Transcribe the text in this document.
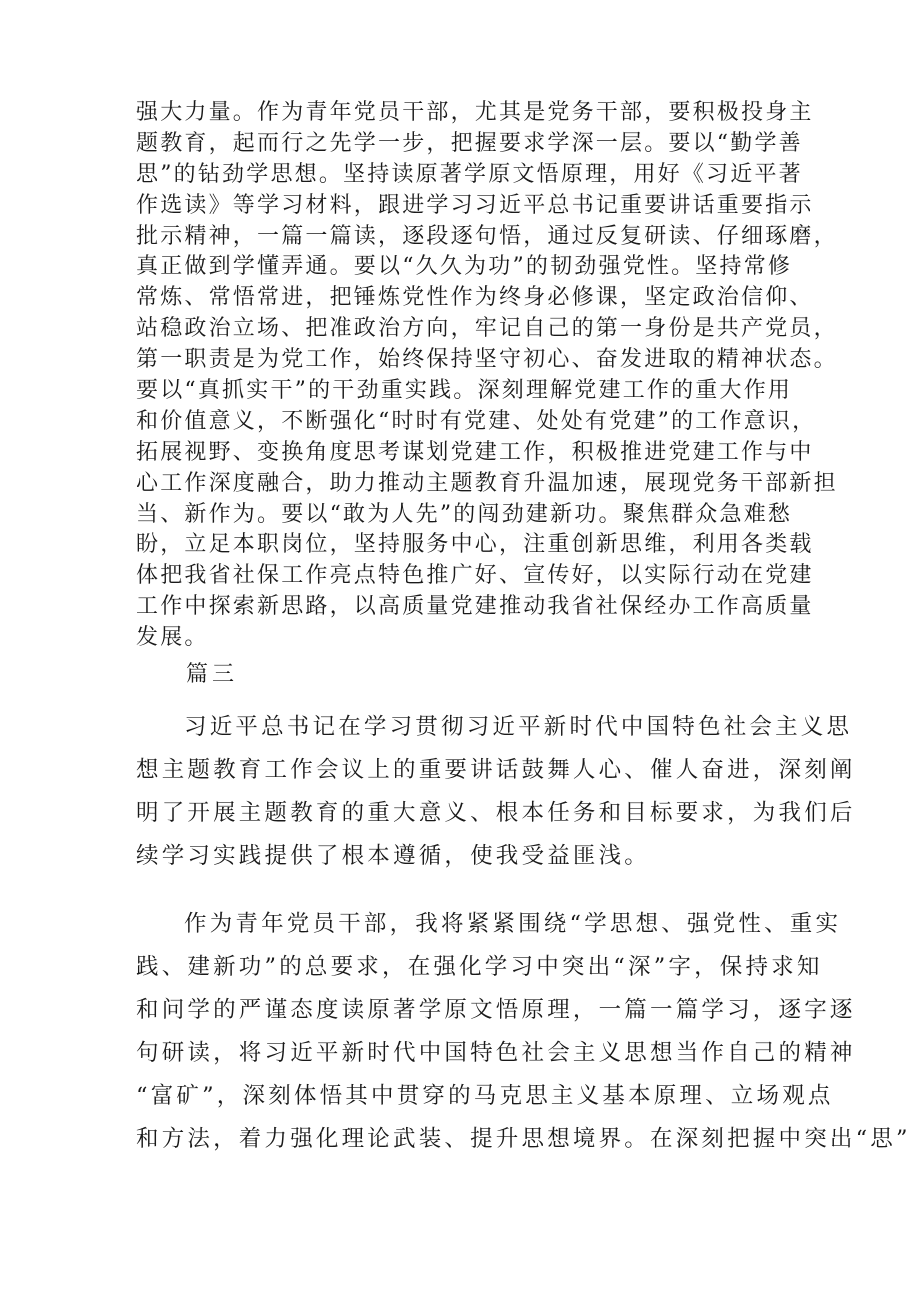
强大力量。作为青年党员干部，尤其是党务干部，要积极投身主
题教育，起而行之先学一步，把握要求学深一层。要以“勤学善
思”的钻劲学思想。坚持读原著学原文悟原理，用好《习近平著
作选读》等学习材料，跟进学习习近平总书记重要讲话重要指示
批示精神，一篇一篇读，逐段逐句悟，通过反复研读、仔细琢磨，
真正做到学懂弄通。要以“久久为功”的韧劲强党性。坚持常修
常炼、常悟常进，把锤炼党性作为终身必修课，坚定政治信仰、
站稳政治立场、把准政治方向，牢记自己的第一身份是共产党员，
第一职责是为党工作，始终保持坚守初心、奋发进取的精神状态。
要以“真抓实干”的干劲重实践。深刻理解党建工作的重大作用
和价值意义，不断强化“时时有党建、处处有党建”的工作意识，
拓展视野、变换角度思考谋划党建工作，积极推进党建工作与中
心工作深度融合，助力推动主题教育升温加速，展现党务干部新担
当、新作为。要以“敢为人先”的闯劲建新功。聚焦群众急难愁
盼，立足本职岗位，坚持服务中心，注重创新思维，利用各类载
体把我省社保工作亮点特色推广好、宣传好，以实际行动在党建
工作中探索新思路，以高质量党建推动我省社保经办工作高质量
发展。
篇三
习近平总书记在学习贯彻习近平新时代中国特色社会主义思
想主题教育工作会议上的重要讲话鼓舞人心、催人奋进，深刻阐
明了开展主题教育的重大意义、根本任务和目标要求，为我们后
续学习实践提供了根本遵循，使我受益匪浅。
作为青年党员干部，我将紧紧围绕“学思想、强党性、重实
践、建新功”的总要求，在强化学习中突出“深”字，保持求知
和问学的严谨态度读原著学原文悟原理，一篇一篇学习，逐字逐
句研读，将习近平新时代中国特色社会主义思想当作自己的精神
“富矿”，深刻体悟其中贯穿的马克思主义基本原理、立场观点
和方法，着力强化理论武装、提升思想境界。在深刻把握中突出“思”
